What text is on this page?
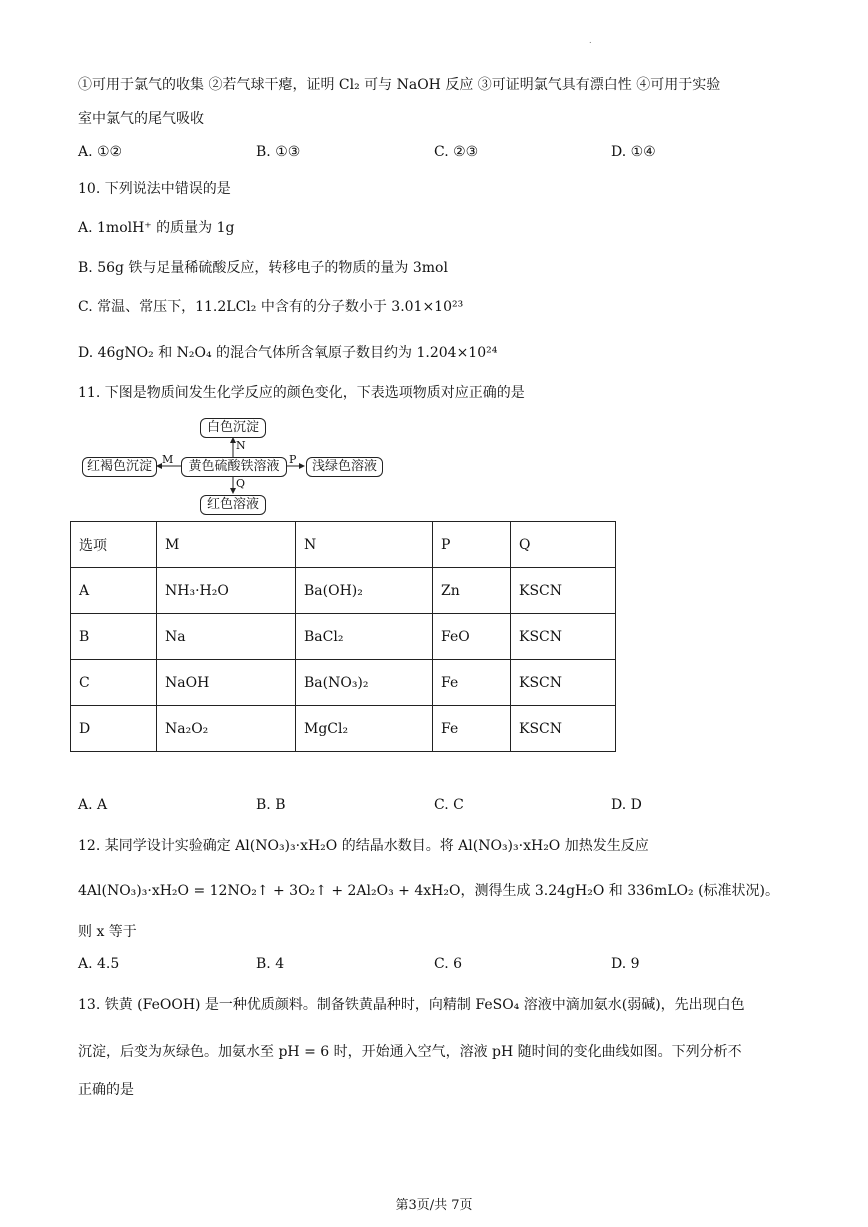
.
①可用于氯气的收集 ②若气球干瘪，证明 Cl₂ 可与 NaOH 反应 ③可证明氯气具有漂白性 ④可用于实验
室中氯气的尾气吸收
A. ①②	B. ①③	C. ②③	D. ①④
10. 下列说法中错误的是
A. 1molH⁺ 的质量为 1g
B. 56g 铁与足量稀硫酸反应，转移电子的物质的量为 3mol
C. 常温、常压下，11.2LCl₂ 中含有的分子数小于 3.01×10²³
D. 46gNO₂ 和 N₂O₄ 的混合气体所含氧原子数目约为 1.204×10²⁴
11. 下图是物质间发生化学反应的颜色变化，下表选项物质对应正确的是
白色沉淀
黄色硫酸铁溶液
红褐色沉淀	浅绿色溶液
红色溶液
N
M	P
Q
选项	M	N	P	Q
A	NH₃·H₂O	Ba(OH)₂	Zn	KSCN
B	Na	BaCl₂	FeO	KSCN
C	NaOH	Ba(NO₃)₂	Fe	KSCN
D	Na₂O₂	MgCl₂	Fe	KSCN
A. A	B. B	C. C	D. D
12. 某同学设计实验确定 Al(NO₃)₃·xH₂O 的结晶水数目。将 Al(NO₃)₃·xH₂O 加热发生反应
4Al(NO₃)₃·xH₂O = 12NO₂↑ + 3O₂↑ + 2Al₂O₃ + 4xH₂O，测得生成 3.24gH₂O 和 336mLO₂ (标准状况)。
则 x 等于
A. 4.5	B. 4	C. 6	D. 9
13. 铁黄 (FeOOH) 是一种优质颜料。制备铁黄晶种时，向精制 FeSO₄ 溶液中滴加氨水(弱碱)，先出现白色
沉淀，后变为灰绿色。加氨水至 pH = 6 时，开始通入空气，溶液 pH 随时间的变化曲线如图。下列分析不
正确的是
第3页/共 7页
